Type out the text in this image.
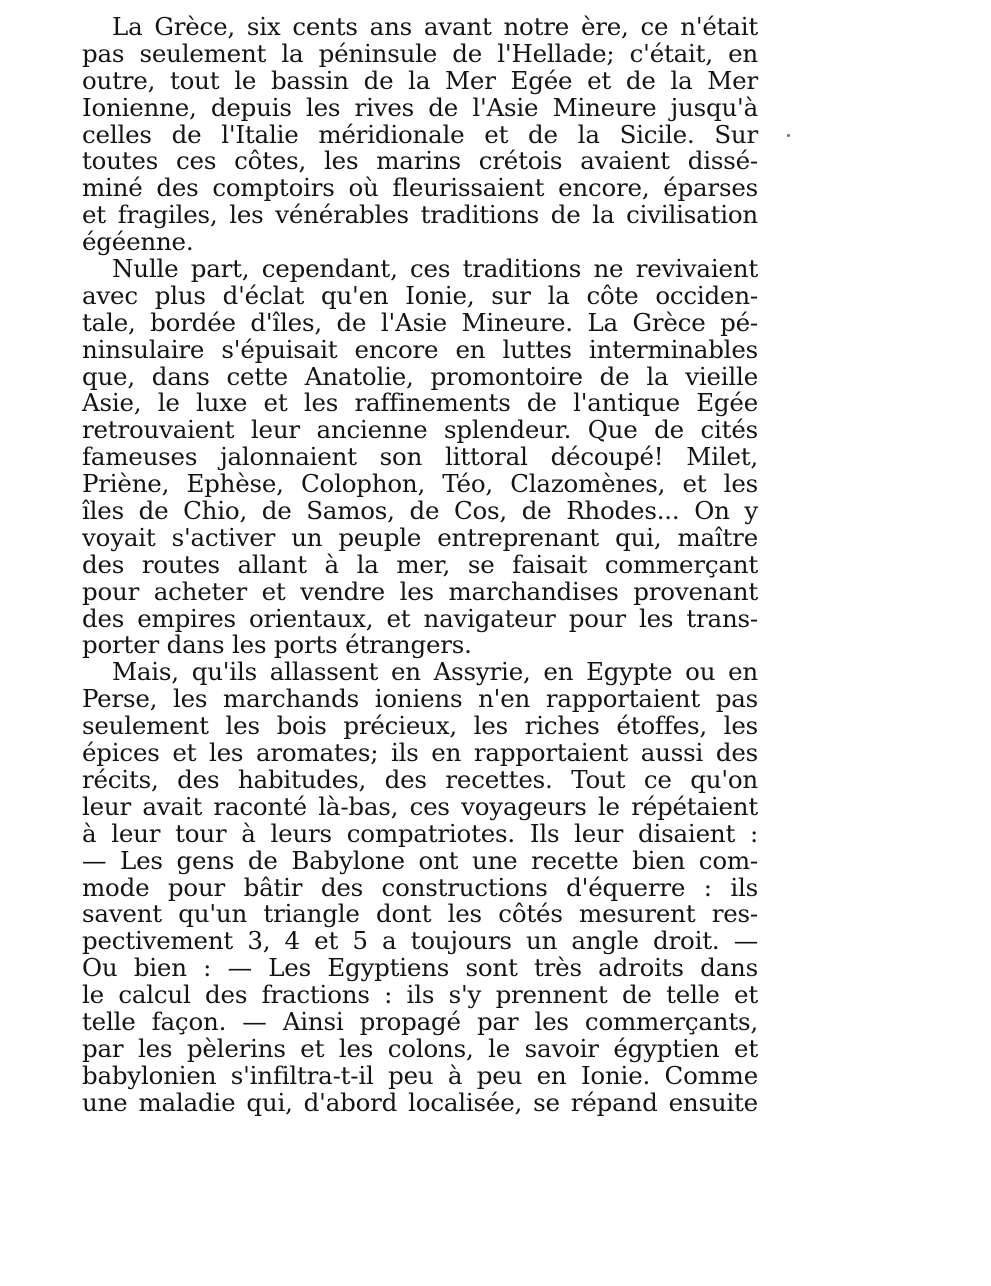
La Grèce, six cents ans avant notre ère, ce n'était
pas seulement la péninsule de l'Hellade; c'était, en
outre, tout le bassin de la Mer Egée et de la Mer
Ionienne, depuis les rives de l'Asie Mineure jusqu'à
celles de l'Italie méridionale et de la Sicile. Sur
toutes ces côtes, les marins crétois avaient dissé-
miné des comptoirs où fleurissaient encore, éparses
et fragiles, les vénérables traditions de la civilisation
égéenne.
Nulle part, cependant, ces traditions ne revivaient
avec plus d'éclat qu'en Ionie, sur la côte occiden-
tale, bordée d'îles, de l'Asie Mineure. La Grèce pé-
ninsulaire s'épuisait encore en luttes interminables
que, dans cette Anatolie, promontoire de la vieille
Asie, le luxe et les raffinements de l'antique Egée
retrouvaient leur ancienne splendeur. Que de cités
fameuses jalonnaient son littoral découpé! Milet,
Priène, Ephèse, Colophon, Téo, Clazomènes, et les
îles de Chio, de Samos, de Cos, de Rhodes... On y
voyait s'activer un peuple entreprenant qui, maître
des routes allant à la mer, se faisait commerçant
pour acheter et vendre les marchandises provenant
des empires orientaux, et navigateur pour les trans-
porter dans les ports étrangers.
Mais, qu'ils allassent en Assyrie, en Egypte ou en
Perse, les marchands ioniens n'en rapportaient pas
seulement les bois précieux, les riches étoffes, les
épices et les aromates; ils en rapportaient aussi des
récits, des habitudes, des recettes. Tout ce qu'on
leur avait raconté là-bas, ces voyageurs le répétaient
à leur tour à leurs compatriotes. Ils leur disaient :
— Les gens de Babylone ont une recette bien com-
mode pour bâtir des constructions d'équerre : ils
savent qu'un triangle dont les côtés mesurent res-
pectivement 3, 4 et 5 a toujours un angle droit. —
Ou bien : — Les Egyptiens sont très adroits dans
le calcul des fractions : ils s'y prennent de telle et
telle façon. — Ainsi propagé par les commerçants,
par les pèlerins et les colons, le savoir égyptien et
babylonien s'infiltra-t-il peu à peu en Ionie. Comme
une maladie qui, d'abord localisée, se répand ensuite
